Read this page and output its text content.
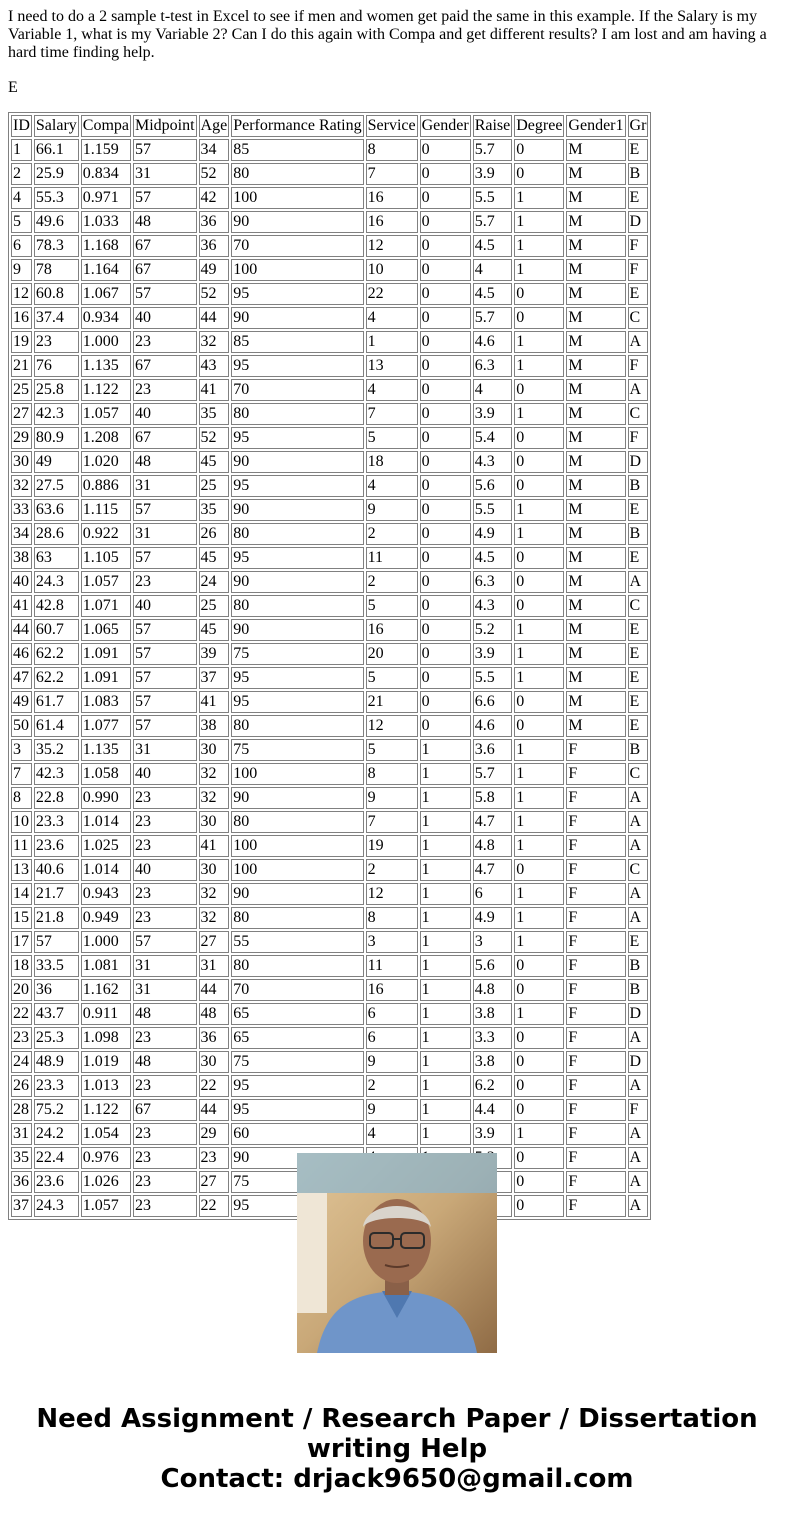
I need to do a 2 sample t-test in Excel to see if men and women get paid the same in this example. If the Salary is my Variable 1, what is my Variable 2? Can I do this again with Compa and get different results? I am lost and am having a hard time finding help.

E

ID	Salary	Compa	Midpoint	Age	Performance Rating	Service	Gender	Raise	Degree	Gender1	Gr
1	66.1	1.159	57	34	85	8	0	5.7	0	M	E
2	25.9	0.834	31	52	80	7	0	3.9	0	M	B
4	55.3	0.971	57	42	100	16	0	5.5	1	M	E
5	49.6	1.033	48	36	90	16	0	5.7	1	M	D
6	78.3	1.168	67	36	70	12	0	4.5	1	M	F
9	78	1.164	67	49	100	10	0	4	1	M	F
12	60.8	1.067	57	52	95	22	0	4.5	0	M	E
16	37.4	0.934	40	44	90	4	0	5.7	0	M	C
19	23	1.000	23	32	85	1	0	4.6	1	M	A
21	76	1.135	67	43	95	13	0	6.3	1	M	F
25	25.8	1.122	23	41	70	4	0	4	0	M	A
27	42.3	1.057	40	35	80	7	0	3.9	1	M	C
29	80.9	1.208	67	52	95	5	0	5.4	0	M	F
30	49	1.020	48	45	90	18	0	4.3	0	M	D
32	27.5	0.886	31	25	95	4	0	5.6	0	M	B
33	63.6	1.115	57	35	90	9	0	5.5	1	M	E
34	28.6	0.922	31	26	80	2	0	4.9	1	M	B
38	63	1.105	57	45	95	11	0	4.5	0	M	E
40	24.3	1.057	23	24	90	2	0	6.3	0	M	A
41	42.8	1.071	40	25	80	5	0	4.3	0	M	C
44	60.7	1.065	57	45	90	16	0	5.2	1	M	E
46	62.2	1.091	57	39	75	20	0	3.9	1	M	E
47	62.2	1.091	57	37	95	5	0	5.5	1	M	E
49	61.7	1.083	57	41	95	21	0	6.6	0	M	E
50	61.4	1.077	57	38	80	12	0	4.6	0	M	E
3	35.2	1.135	31	30	75	5	1	3.6	1	F	B
7	42.3	1.058	40	32	100	8	1	5.7	1	F	C
8	22.8	0.990	23	32	90	9	1	5.8	1	F	A
10	23.3	1.014	23	30	80	7	1	4.7	1	F	A
11	23.6	1.025	23	41	100	19	1	4.8	1	F	A
13	40.6	1.014	40	30	100	2	1	4.7	0	F	C
14	21.7	0.943	23	32	90	12	1	6	1	F	A
15	21.8	0.949	23	32	80	8	1	4.9	1	F	A
17	57	1.000	57	27	55	3	1	3	1	F	E
18	33.5	1.081	31	31	80	11	1	5.6	0	F	B
20	36	1.162	31	44	70	16	1	4.8	0	F	B
22	43.7	0.911	48	48	65	6	1	3.8	1	F	D
23	25.3	1.098	23	36	65	6	1	3.3	0	F	A
24	48.9	1.019	48	30	75	9	1	3.8	0	F	D
26	23.3	1.013	23	22	95	2	1	6.2	0	F	A
28	75.2	1.122	67	44	95	9	1	4.4	0	F	F
31	24.2	1.054	23	29	60	4	1	3.9	1	F	A
35	22.4	0.976	23	23	90				0	F	A
36	23.6	1.026	23	27	75				0	F	A
37	24.3	1.057	23	22	95				0	F	A
Need Assignment / Research Paper / Dissertation
writing Help
Contact: drjack9650@gmail.com
